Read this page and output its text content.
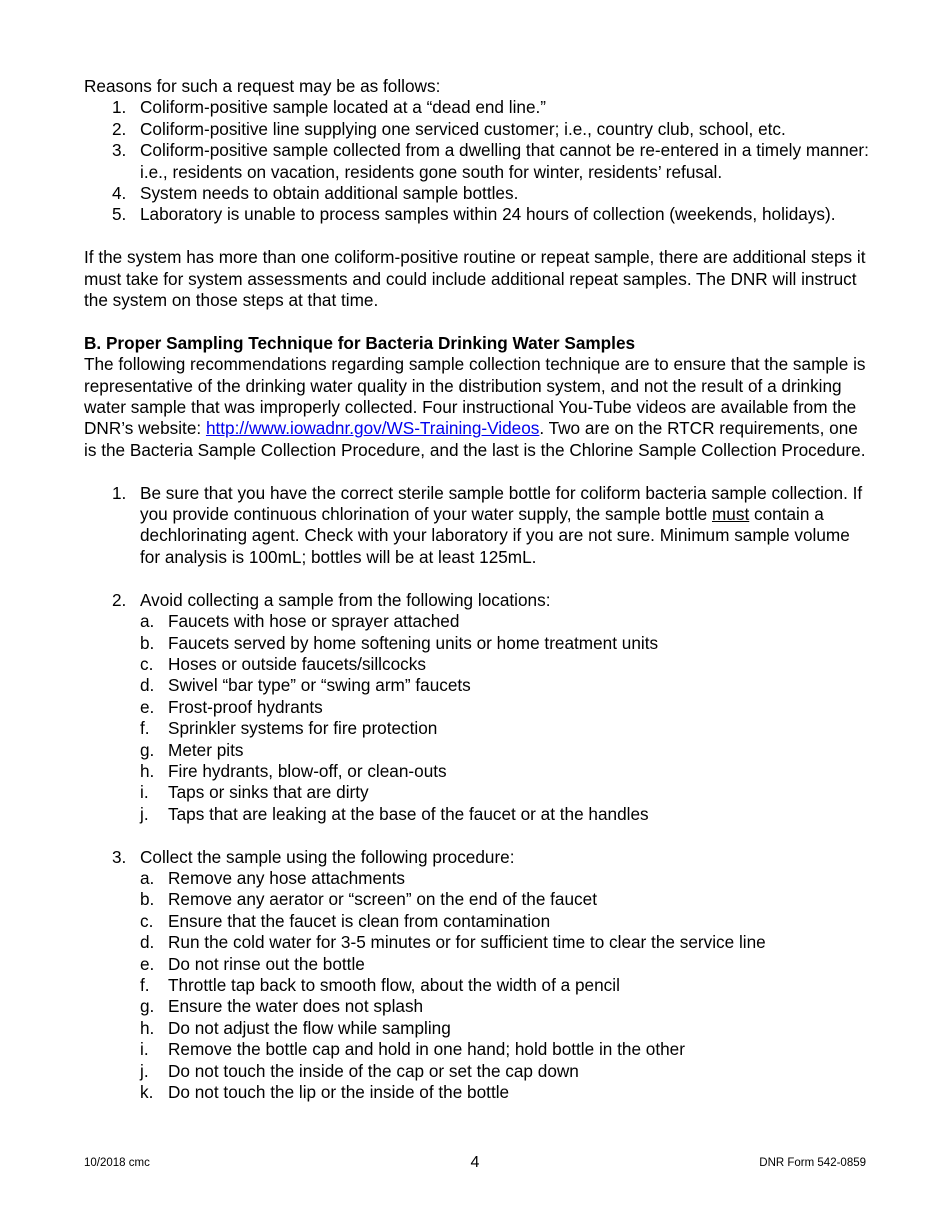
Reasons for such a request may be as follows:

1. Coliform-positive sample located at a “dead end line.”
2. Coliform-positive line supplying one serviced customer; i.e., country club, school, etc.
3. Coliform-positive sample collected from a dwelling that cannot be re-entered in a timely manner: i.e., residents on vacation, residents gone south for winter, residents’ refusal.
4. System needs to obtain additional sample bottles.
5. Laboratory is unable to process samples within 24 hours of collection (weekends, holidays).

If the system has more than one coliform-positive routine or repeat sample, there are additional steps it must take for system assessments and could include additional repeat samples. The DNR will instruct the system on those steps at that time.

B. Proper Sampling Technique for Bacteria Drinking Water Samples

The following recommendations regarding sample collection technique are to ensure that the sample is representative of the drinking water quality in the distribution system, and not the result of a drinking water sample that was improperly collected. Four instructional You-Tube videos are available from the DNR’s website: http://www.iowadnr.gov/WS-Training-Videos. Two are on the RTCR requirements, one is the Bacteria Sample Collection Procedure, and the last is the Chlorine Sample Collection Procedure.

1. Be sure that you have the correct sterile sample bottle for coliform bacteria sample collection. If you provide continuous chlorination of your water supply, the sample bottle must contain a dechlorinating agent. Check with your laboratory if you are not sure. Minimum sample volume for analysis is 100mL; bottles will be at least 125mL.
2. Avoid collecting a sample from the following locations:
a. Faucets with hose or sprayer attached
b. Faucets served by home softening units or home treatment units
c. Hoses or outside faucets/sillcocks
d. Swivel “bar type” or “swing arm” faucets
e. Frost-proof hydrants
f. Sprinkler systems for fire protection
g. Meter pits
h. Fire hydrants, blow-off, or clean-outs
i. Taps or sinks that are dirty
j. Taps that are leaking at the base of the faucet or at the handles
3. Collect the sample using the following procedure:
a. Remove any hose attachments
b. Remove any aerator or “screen” on the end of the faucet
c. Ensure that the faucet is clean from contamination
d. Run the cold water for 3-5 minutes or for sufficient time to clear the service line
e. Do not rinse out the bottle
f. Throttle tap back to smooth flow, about the width of a pencil
g. Ensure the water does not splash
h. Do not adjust the flow while sampling
i. Remove the bottle cap and hold in one hand; hold bottle in the other
j. Do not touch the inside of the cap or set the cap down
k. Do not touch the lip or the inside of the bottle
10/2018 cmc	4	DNR Form 542-0859
